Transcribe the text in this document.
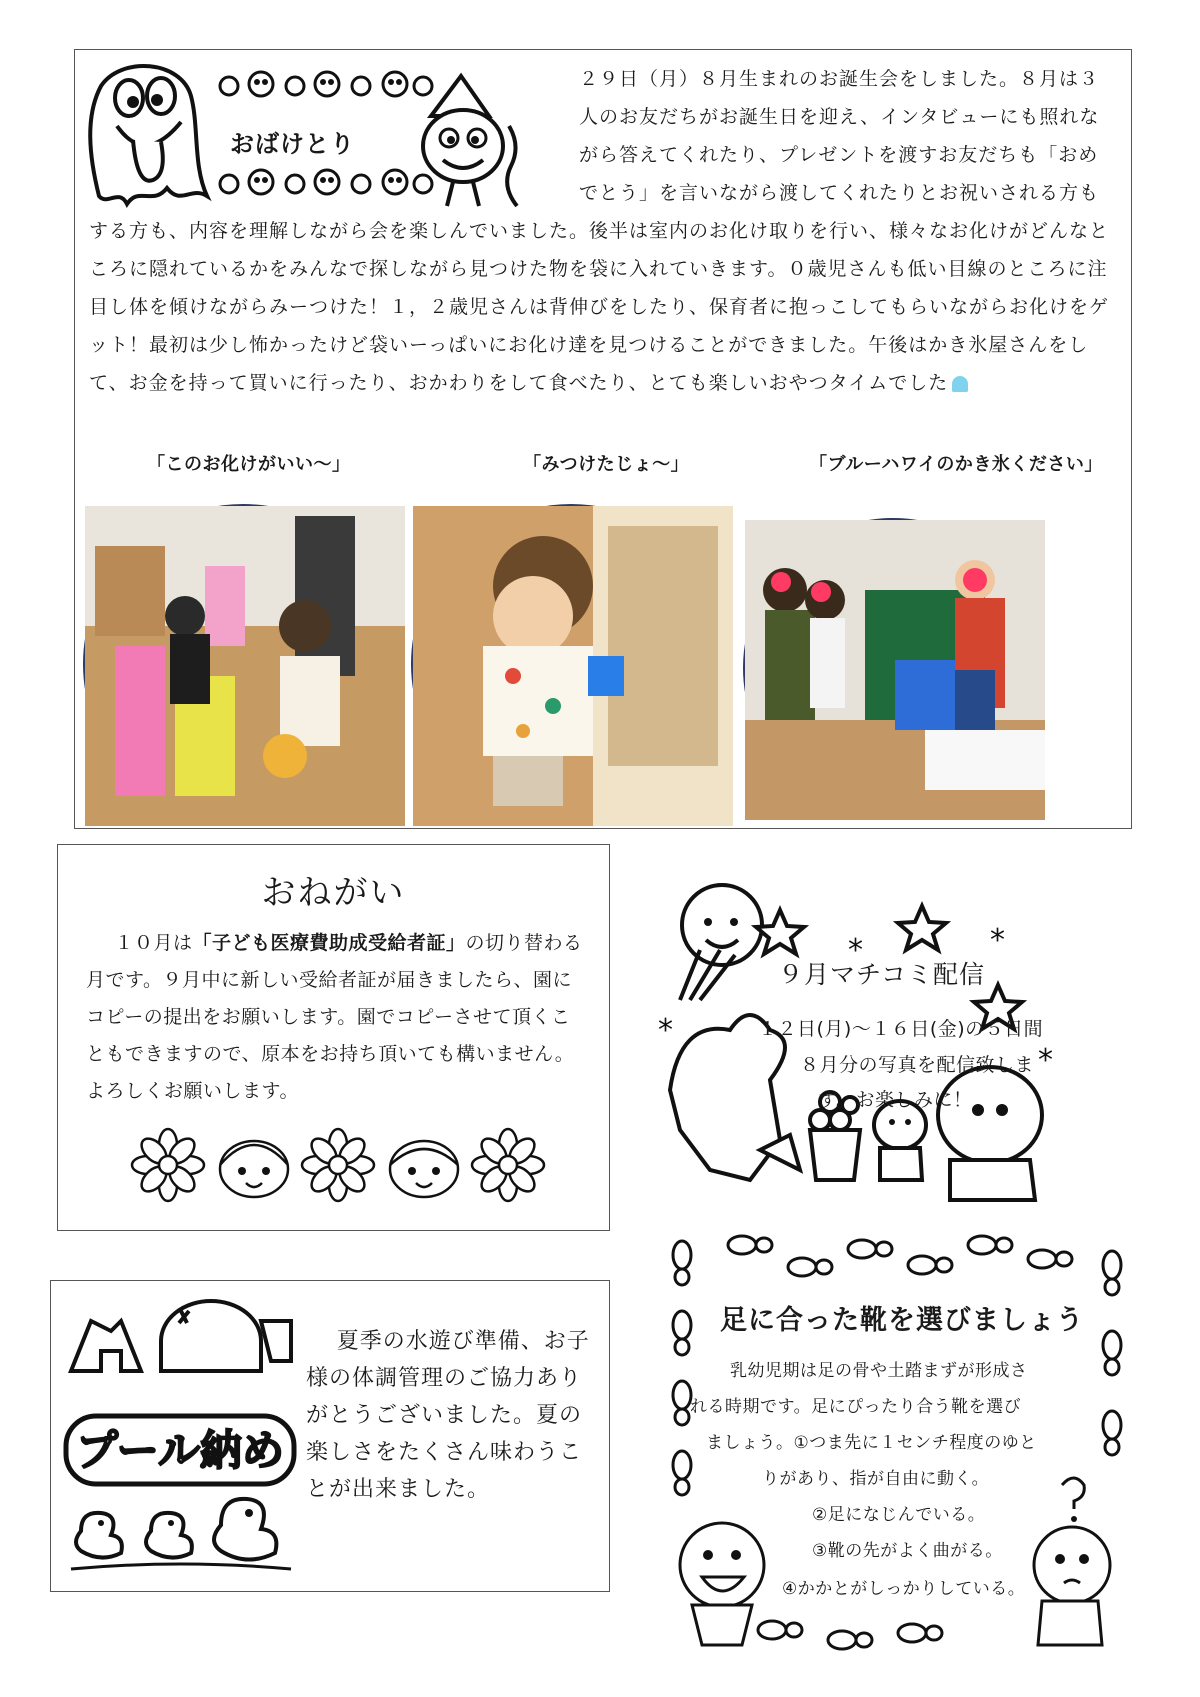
おばけとり
２９日（月）８月生まれのお誕生会をしました。８月は３人のお友だちがお誕生日を迎え、インタビューにも照れながら答えてくれたり、プレゼントを渡すお友だちも「おめでとう」を言いながら渡してくれたりとお祝いされる方もする方も、内容を理解しながら会を楽しんでいました。後半は室内のお化け取りを行い、様々なお化けがどんなところに隠れているかをみんなで探しながら見つけた物を袋に入れていきます。０歳児さんも低い目線のところに注目し体を傾けながらみーつけた！１，２歳児さんは背伸びをしたり、保育者に抱っこしてもらいながらお化けをゲット！最初は少し怖かったけど袋いーっぱいにお化け達を見つけることができました。午後はかき氷屋さんをして、お金を持って買いに行ったり、おかわりをして食べたり、とても楽しいおやつタイムでした
「このお化けがいい～」	「みつけたじょ～」	「ブルーハワイのかき氷ください」
おねがい
１０月は「子ども医療費助成受給者証」の切り替わる月です。９月中に新しい受給者証が届きましたら、園にコピーの提出をお願いします。園でコピーさせて頂くこともできますので、原本をお持ち頂いても構いません。よろしくお願いします。
プール納め
夏季の水遊び準備、お子様の体調管理のご協力ありがとうございました。夏の楽しさをたくさん味わうことが出来ました。
*	*
*
*
９月マチコミ配信
１２日(月)～１６日(金)の５日間
８月分の写真を配信致しま
す。お楽しみに！
足に合った靴を選びましょう
乳幼児期は足の骨や土踏まずが形成さ
れる時期です。足にぴったり合う靴を選び
ましょう。①つま先に１センチ程度のゆと
りがあり、指が自由に動く。
②足になじんでいる。
③靴の先がよく曲がる。
④かかとがしっかりしている。
